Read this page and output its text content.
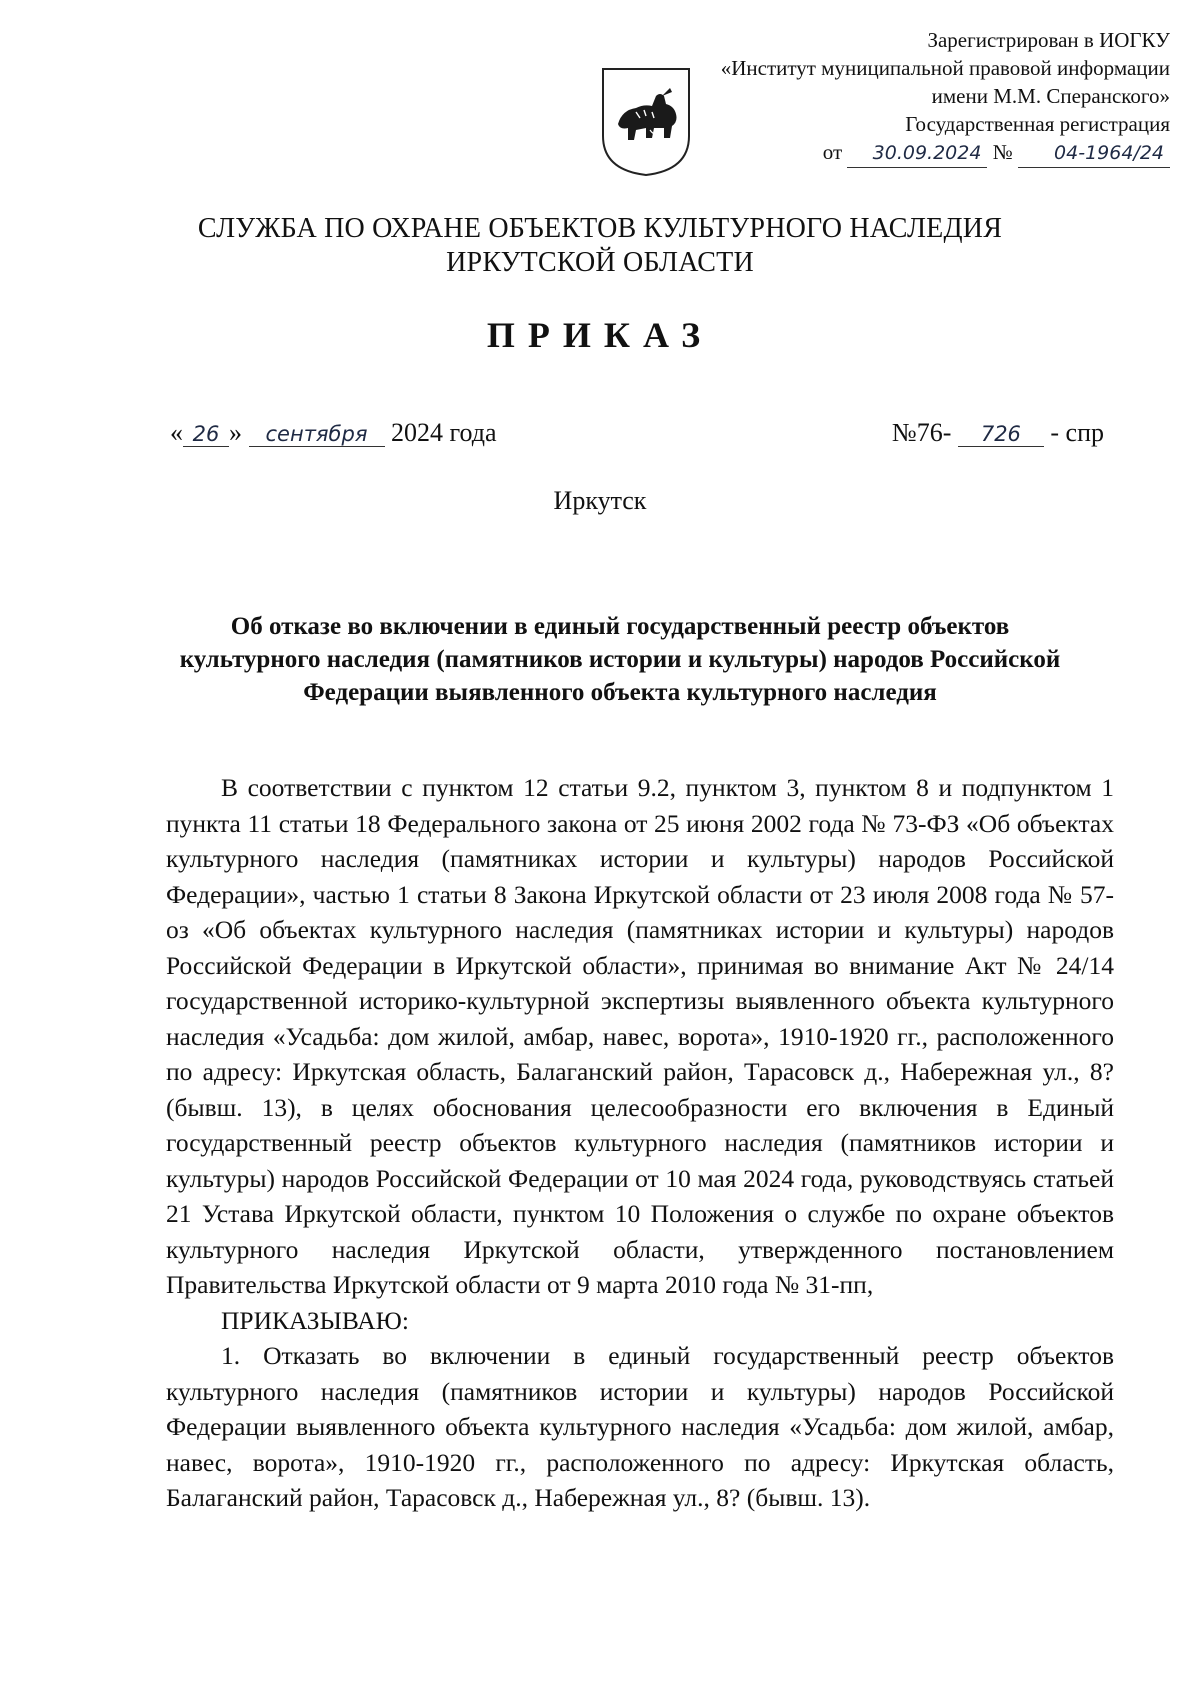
Зарегистрирован в ИОГКУ
«Институт муниципальной правовой информации
имени М.М. Сперанского»
Государственная регистрация
от 30.09.2024 № 04-1964/24
СЛУЖБА ПО ОХРАНЕ ОБЪЕКТОВ КУЛЬТУРНОГО НАСЛЕДИЯ
ИРКУТСКОЙ ОБЛАСТИ
ПРИКАЗ
« 26 » сентября 2024 года	№76- 726 - спр
Иркутск
Об отказе во включении в единый государственный реестр объектов культурного наследия (памятников истории и культуры) народов Российской Федерации выявленного объекта культурного наследия

В соответствии с пунктом 12 статьи 9.2, пунктом 3, пунктом 8 и подпунктом 1 пункта 11 статьи 18 Федерального закона от 25 июня 2002 года № 73-ФЗ «Об объектах культурного наследия (памятниках истории и культуры) народов Российской Федерации», частью 1 статьи 8 Закона Иркутской области от 23 июля 2008 года № 57-оз «Об объектах культурного наследия (памятниках истории и культуры) народов Российской Федерации в Иркутской области», принимая во внимание Акт № 24/14 государственной историко-культурной экспертизы выявленного объекта культурного наследия «Усадьба: дом жилой, амбар, навес, ворота», 1910-1920 гг., расположенного по адресу: Иркутская область, Балаганский район, Тарасовск д., Набережная ул., 8? (бывш. 13), в целях обоснования целесообразности его включения в Единый государственный реестр объектов культурного наследия (памятников истории и культуры) народов Российской Федерации от 10 мая 2024 года, руководствуясь статьей 21 Устава Иркутской области, пунктом 10 Положения о службе по охране объектов культурного наследия Иркутской области, утвержденного постановлением Правительства Иркутской области от 9 марта 2010 года № 31-пп,

ПРИКАЗЫВАЮ:

1. Отказать во включении в единый государственный реестр объектов культурного наследия (памятников истории и культуры) народов Российской Федерации выявленного объекта культурного наследия «Усадьба: дом жилой, амбар, навес, ворота», 1910-1920 гг., расположенного по адресу: Иркутская область, Балаганский район, Тарасовск д., Набережная ул., 8? (бывш. 13).
